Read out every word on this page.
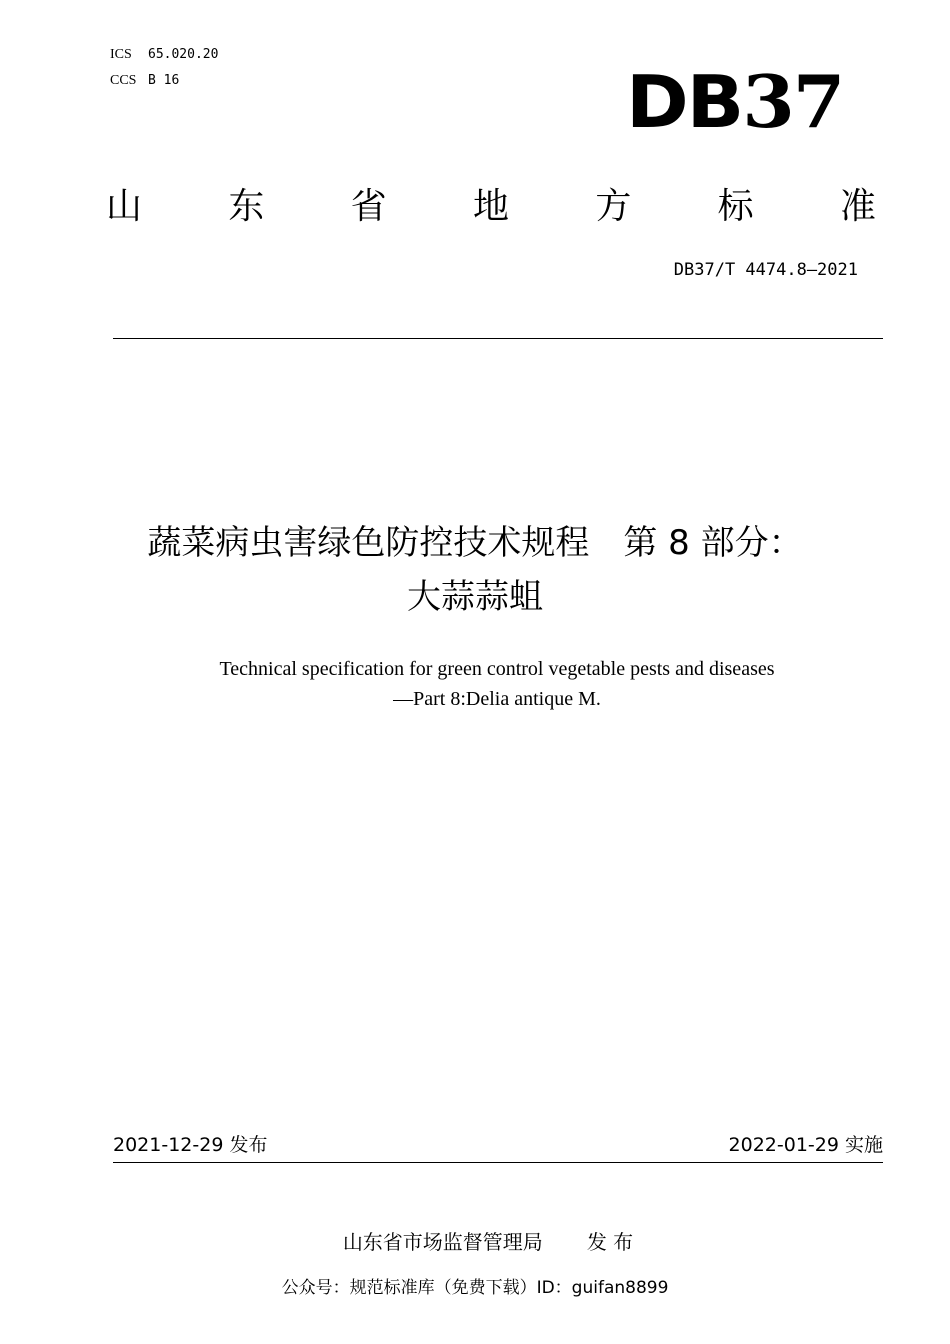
ICS 65.020.20
CCS B 16	DB37
山 东 省 地 方 标 准
DB37/T 4474.8—2021
蔬菜病虫害绿色防控技术规程　第 8 部分：
大蒜蒜蛆
Technical specification for green control vegetable pests and diseases
—Part 8:Delia antique M.
2021-12-29 发布	2022-01-29 实施
山东省市场监督管理局 发 布
公众号：规范标准库（免费下载）ID：guifan8899
